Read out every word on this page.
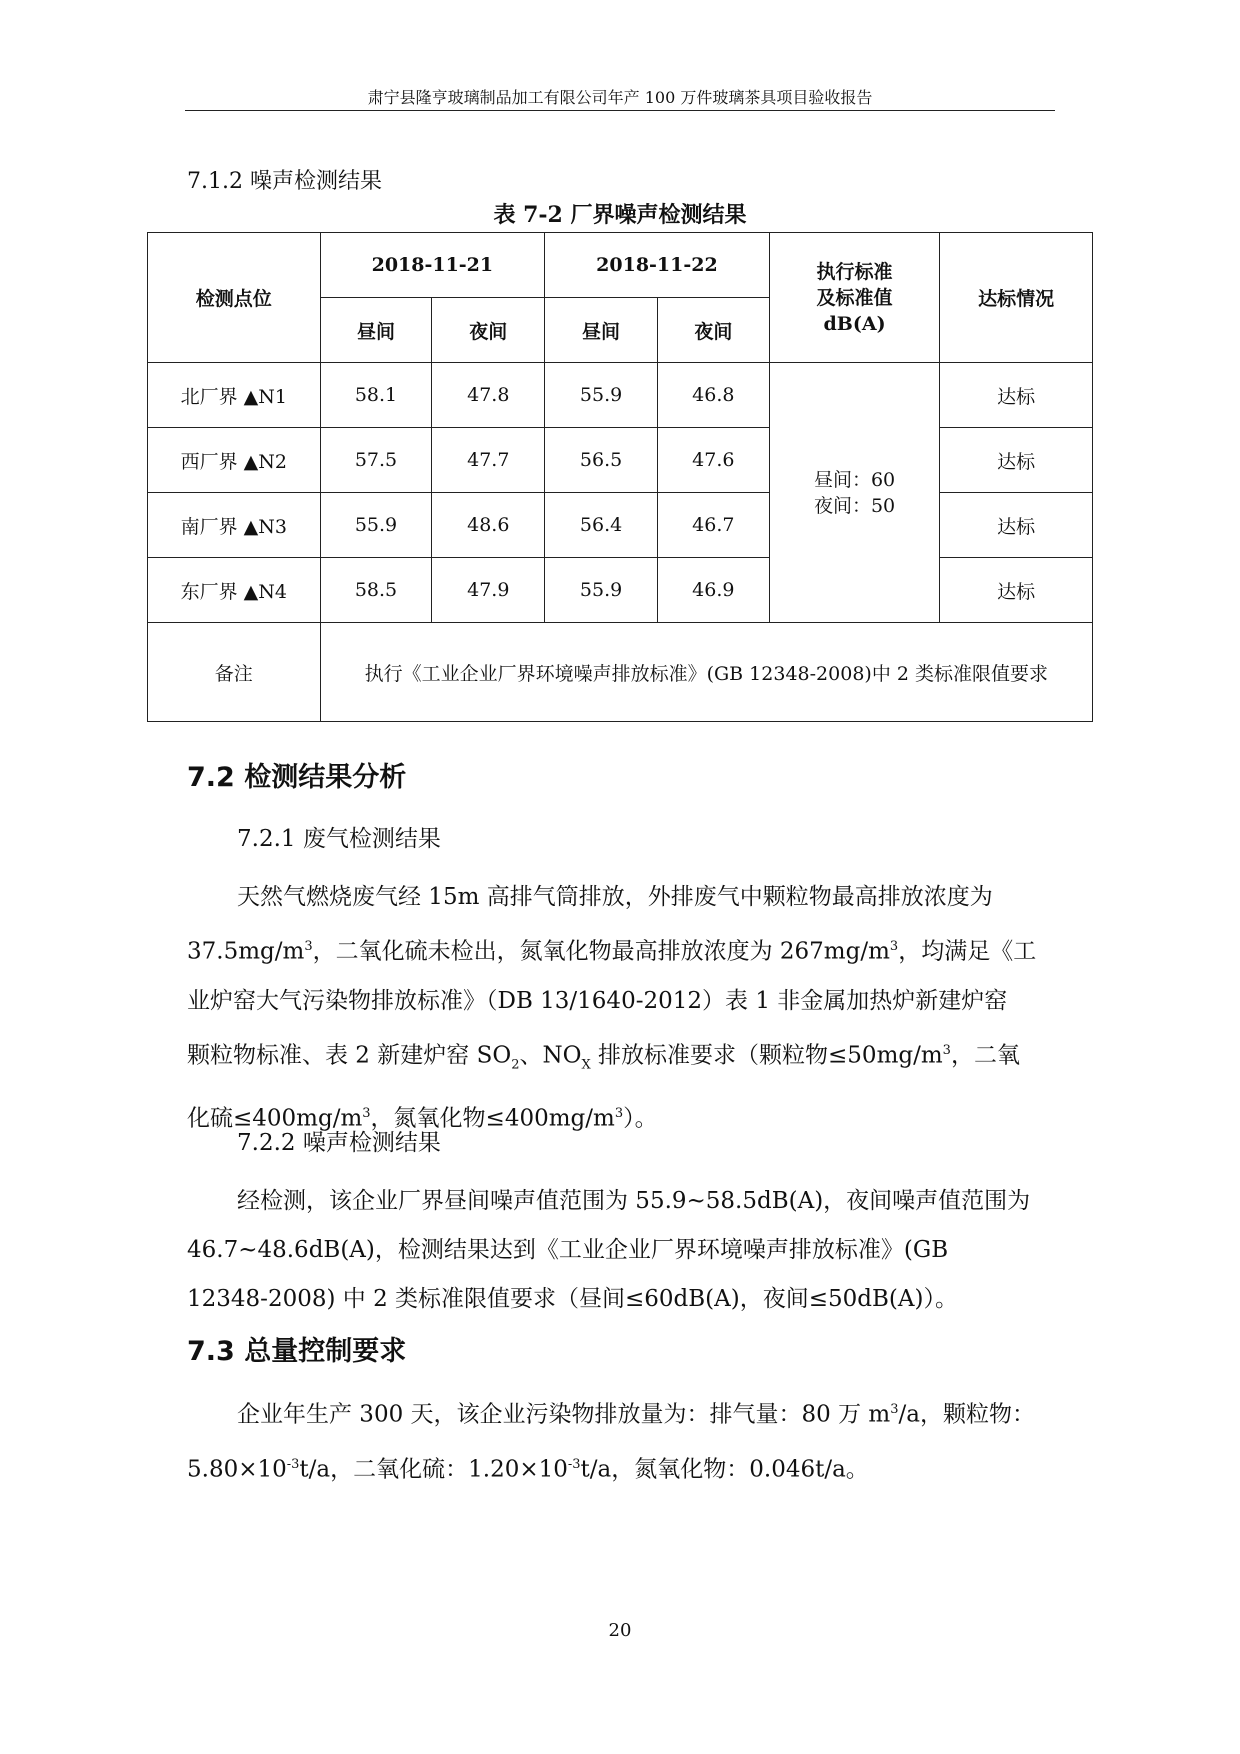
肃宁县隆亨玻璃制品加工有限公司年产 100 万件玻璃茶具项目验收报告
7.1.2 噪声检测结果
表 7-2 厂界噪声检测结果
检测点位	2018-11-21		2018-11-22		执行标准
及标准值
dB(A)	达标情况
	昼间	夜间	昼间	夜间		
北厂界 ▲N1	58.1	47.8	55.9	46.8	昼间：60
夜间：50	达标
西厂界 ▲N2	57.5	47.7	56.5	47.6		达标
南厂界 ▲N3	55.9	48.6	56.4	46.7		达标
东厂界 ▲N4	58.5	47.9	55.9	46.9		达标
备注	执行《工业企业厂界环境噪声排放标准》(GB 12348-2008)中 2 类标准限值要求					
7.2 检测结果分析
7.2.1 废气检测结果
天然气燃烧废气经 15m 高排气筒排放，外排废气中颗粒物最高排放浓度为
$37.5mg/m^3$，二氧化硫未检出，氮氧化物最高排放浓度为 $267mg/m^3$，均满足《工
业炉窑大气污染物排放标准》（DB 13/1640-2012）表 1 非金属加热炉新建炉窑
颗粒物标准、表 2 新建炉窑 $SO_2$、$NO_X$ 排放标准要求（颗粒物$\le 50mg/m^3$，二氧
化硫$\le 400mg/m^3$，氮氧化物$\le 400mg/m^3$）。
7.2.2 噪声检测结果
经检测，该企业厂界昼间噪声值范围为 55.9~58.5dB(A)，夜间噪声值范围为
46.7~48.6dB(A)，检测结果达到《工业企业厂界环境噪声排放标准》(GB
12348-2008) 中 2 类标准限值要求（昼间≤60dB(A)，夜间≤50dB(A)）。
7.3 总量控制要求
企业年生产 300 天，该企业污染物排放量为：排气量：80 万 $m^3/a$，颗粒物：
$5.80\times 10^{-3}t/a$，二氧化硫：$1.20\times 10^{-3}t/a$，氮氧化物：0.046t/a。
20
